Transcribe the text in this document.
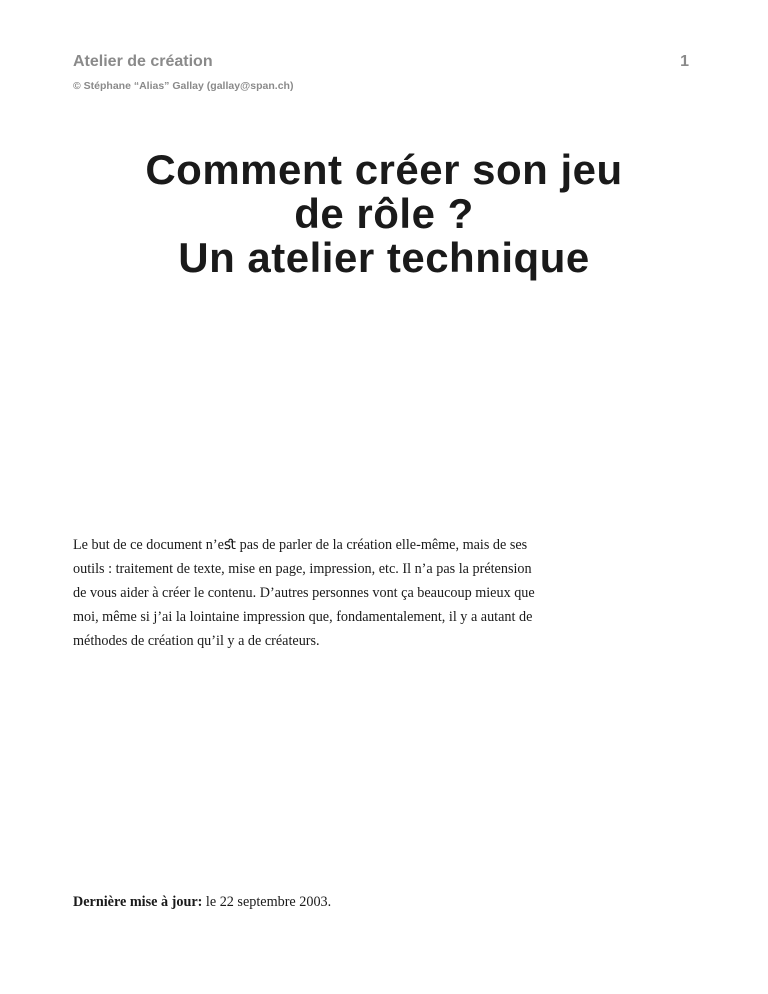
Atelier de création

© Stéphane “Alias” Gallay (gallay@span.ch)

1

Comment créer son jeu
de rôle ?
Un atelier technique

Le but de ce document n’eﬆ pas de parler de la création elle-même, mais de ses
outils : traitement de texte, mise en page, impression, etc. Il n’a pas la prétension
de vous aider à créer le contenu. D’autres personnes vont ça beaucoup mieux que
moi, même si j’ai la lointaine impression que, fondamentalement, il y a autant de
méthodes de création qu’il y a de créateurs.

Dernière mise à jour: le 22 septembre 2003.
